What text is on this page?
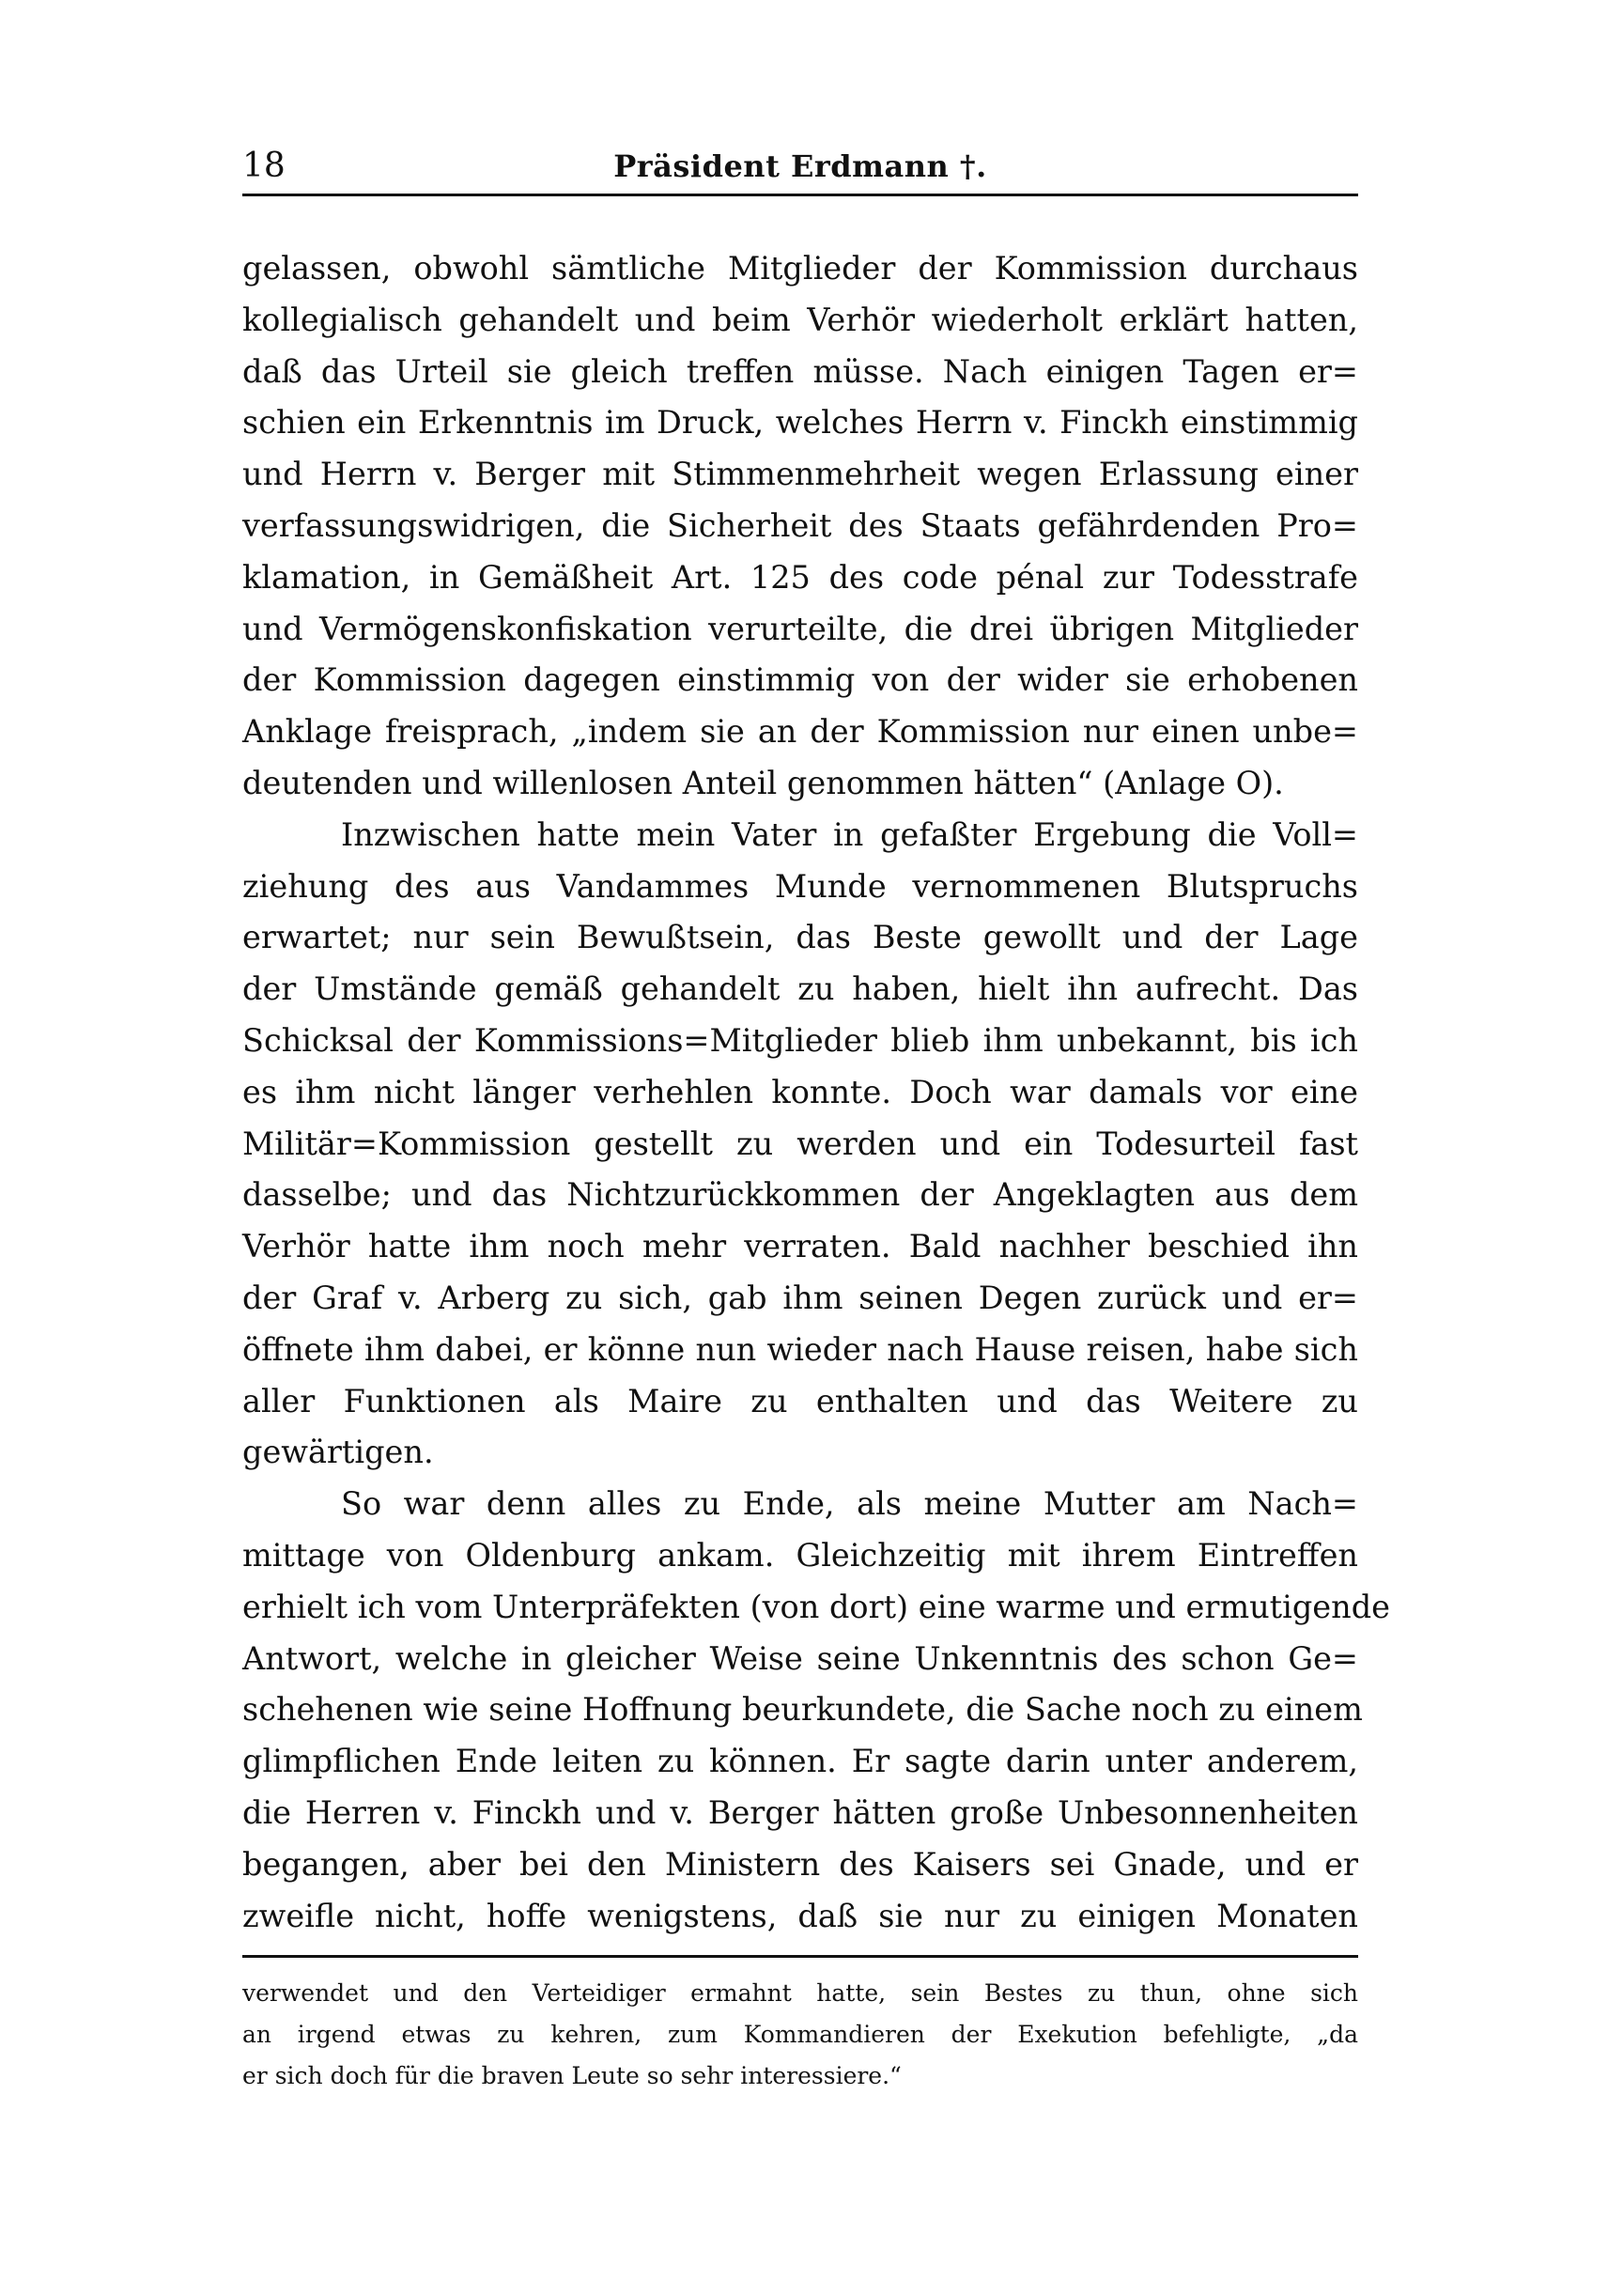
18	Präsident Erdmann †.

gelassen, obwohl sämtliche Mitglieder der Kommission durchaus
kollegialisch gehandelt und beim Verhör wiederholt erklärt hatten,
daß das Urteil sie gleich treffen müsse. Nach einigen Tagen er=
schien ein Erkenntnis im Druck, welches Herrn v. Finckh einstimmig
und Herrn v. Berger mit Stimmenmehrheit wegen Erlassung einer
verfassungswidrigen, die Sicherheit des Staats gefährdenden Pro=
klamation, in Gemäßheit Art. 125 des code pénal zur Todesstrafe
und Vermögenskonfiskation verurteilte, die drei übrigen Mitglieder
der Kommission dagegen einstimmig von der wider sie erhobenen
Anklage freisprach, „indem sie an der Kommission nur einen unbe=
deutenden und willenlosen Anteil genommen hätten“ (Anlage O).

Inzwischen hatte mein Vater in gefaßter Ergebung die Voll=
ziehung des aus Vandammes Munde vernommenen Blutspruchs
erwartet; nur sein Bewußtsein, das Beste gewollt und der Lage
der Umstände gemäß gehandelt zu haben, hielt ihn aufrecht. Das
Schicksal der Kommissions=Mitglieder blieb ihm unbekannt, bis ich
es ihm nicht länger verhehlen konnte. Doch war damals vor eine
Militär=Kommission gestellt zu werden und ein Todesurteil fast
dasselbe; und das Nichtzurückkommen der Angeklagten aus dem
Verhör hatte ihm noch mehr verraten. Bald nachher beschied ihn
der Graf v. Arberg zu sich, gab ihm seinen Degen zurück und er=
öffnete ihm dabei, er könne nun wieder nach Hause reisen, habe sich
aller Funktionen als Maire zu enthalten und das Weitere zu
gewärtigen.

So war denn alles zu Ende, als meine Mutter am Nach=
mittage von Oldenburg ankam. Gleichzeitig mit ihrem Eintreffen
erhielt ich vom Unterpräfekten (von dort) eine warme und ermutigende
Antwort, welche in gleicher Weise seine Unkenntnis des schon Ge=
schehenen wie seine Hoffnung beurkundete, die Sache noch zu einem
glimpflichen Ende leiten zu können. Er sagte darin unter anderem,
die Herren v. Finckh und v. Berger hätten große Unbesonnenheiten
begangen, aber bei den Ministern des Kaisers sei Gnade, und er
zweifle nicht, hoffe wenigstens, daß sie nur zu einigen Monaten

verwendet und den Verteidiger ermahnt hatte, sein Bestes zu thun, ohne sich
an irgend etwas zu kehren, zum Kommandieren der Exekution befehligte, „da
er sich doch für die braven Leute so sehr interessiere.“
